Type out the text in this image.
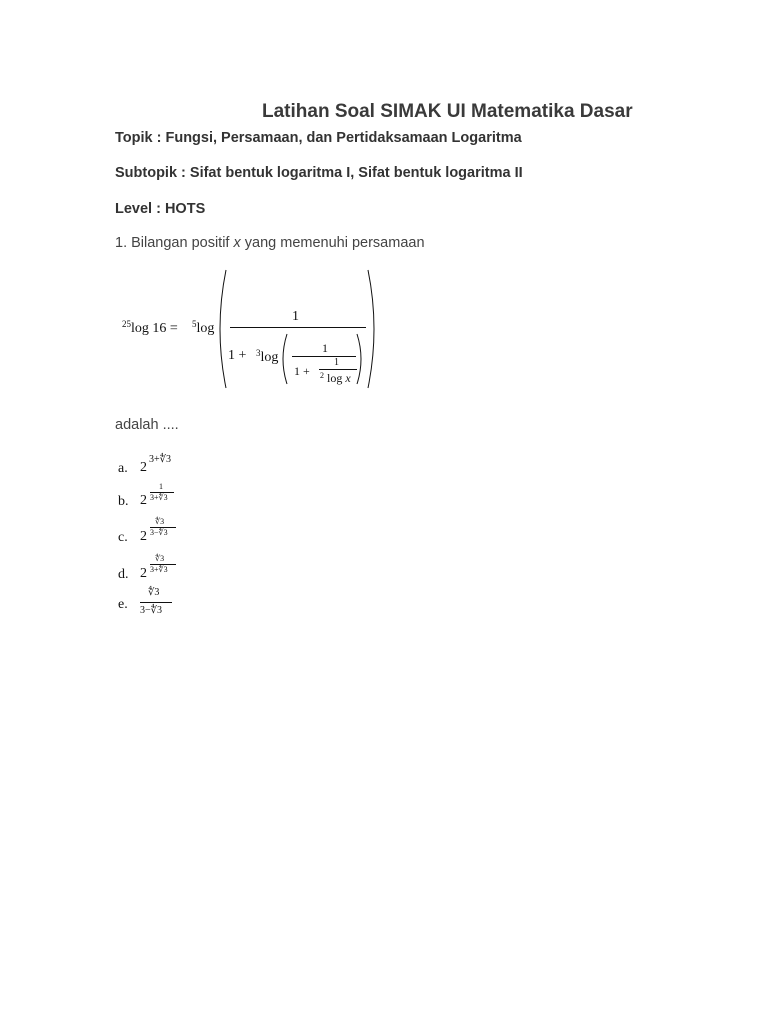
Latihan Soal SIMAK UI Matematika Dasar
Topik : Fungsi, Persamaan, dan Pertidaksamaan Logaritma
Subtopik : Sifat bentuk logaritma I, Sifat bentuk logaritma II
Level : HOTS
1. Bilangan positif x yang memenuhi persamaan
$^{25}$log 16 = $^5$log
1
1 + $^3$log
1
1 +
1
$^2$ log x
adalah ....
a. 2
3+∜3
b. 2
1
3+∜3
c. 2
∜3
3−∜3
d. 2
∜3
3+∜3
e.
∜3
3−∜3
